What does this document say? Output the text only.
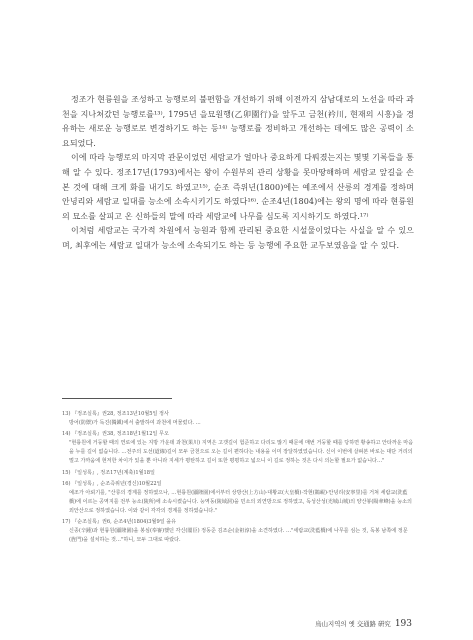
정조가 현륭원을 조성하고 능행로의 불편함을 개선하기 위해 이전까지 삼남대로의 노선을 따라 과천을 지나쳐갔던 능행로를¹³⁾, 1795년 을묘원행(乙卯園行)을 앞두고 금천(衿川, 현재의 시흥)을 경유하는 새로운 능행로로 변경하기도 하는 등¹⁴⁾ 능행로를 정비하고 개선하는 데에도 많은 공력이 소요되었다.

이에 따라 능행로의 마지막 관문이었던 세람교가 얼마나 중요하게 다뤄졌는지는 몇몇 기록들을 통해 알 수 있다. 정조17년(1793)에서는 왕이 수원부의 관리 상황을 못마땅해하며 세람교 앞길을 손본 것에 대해 크게 화를 내기도 하였고¹⁵⁾, 순조 즉위년(1800)에는 예조에서 산릉의 경계를 정하며 안녕리와 세람교 일대를 능소에 소속시키기도 하였다¹⁶⁾. 순조4년(1804)에는 왕의 명에 따라 현륭원의 묘소를 살피고 온 신하들의 말에 따라 세람교에 나무를 심도록 지시하기도 하였다.¹⁷⁾

이처럼 세람교는 국가적 차원에서 능원과 함께 관리된 중요한 시설물이었다는 사실을 알 수 있으며, 최후에는 세람교 일대가 능소에 소속되기도 하는 등 능행에 주요한 교두보였음을 알 수 있다.

13) 『정조실록』권28, 정조13년10월5일 정사
방어(防禦)가 독진(獨鎭)에서 출발하여 과천에 머물렀다. …
14) 『정조실록』권38, 정조18년1월12일 무오
"현륭원에 거둥할 때의 연로에 있는 지방 가운데 과천(果川) 지역은 고갯길이 험준하고 다리도 많기 때문에 매번 거둥할 때를 당하면 황송하고 안타까운 마음을 누를 길이 없습니다. …전주의 도선(道線)길이 모두 금천으로 오는 길이 편하다는 내용을 이미 장달하였었습니다. 신이 이번에 살펴본 바로는 대단 거리의 멀고 가까움에 현저한 차이가 있을 뿐 아니라 지세가 평탄하고 길이 또한 평평하고 넓으니 이 길로 정하는 것은 다시 의논할 필요가 없습니다…"
15) 『일성록』, 정조17년(계축)1월18일
16) 『일성록』, 순조즉위년(경신)10월22일
예조가 아뢰기를, "산릉의 경계를 정하였으나, …현륭원(顯隆園)에서부터 상방산(上方山)·대황교(大皇橋)·작현(鵲峴)·안녕리(安寧里)를 거쳐 세람교(洗藍橋)에 이르는 공역지를 전부 능소(陵所)에 소속시켰습니다. 능역동(陵域洞)을 민소의 외연방으로 정하였고, 독성산성(禿城山城)의 양산봉(陽傘峰)을 능소의 외안산으로 정하였습니다. 이와 같이 각각의 경계를 정하였습니다."
17) 『순조실록』권6, 순조4년(1804)3월9일 을유
신종(辛鍾)과 현륭원(顯隆園)을 봉심(奉審)했던 각신(閣臣) 정동준 김조순(金祖淳)을 소견하였다. …"세람교(洗藍橋)에 나무를 심는 것, 독봉 남쪽에 정문(旌門)을 설치하는 것…"하니, 모두 그대로 따랐다.
鳥山지역의 옛 交通路 硏究 193
